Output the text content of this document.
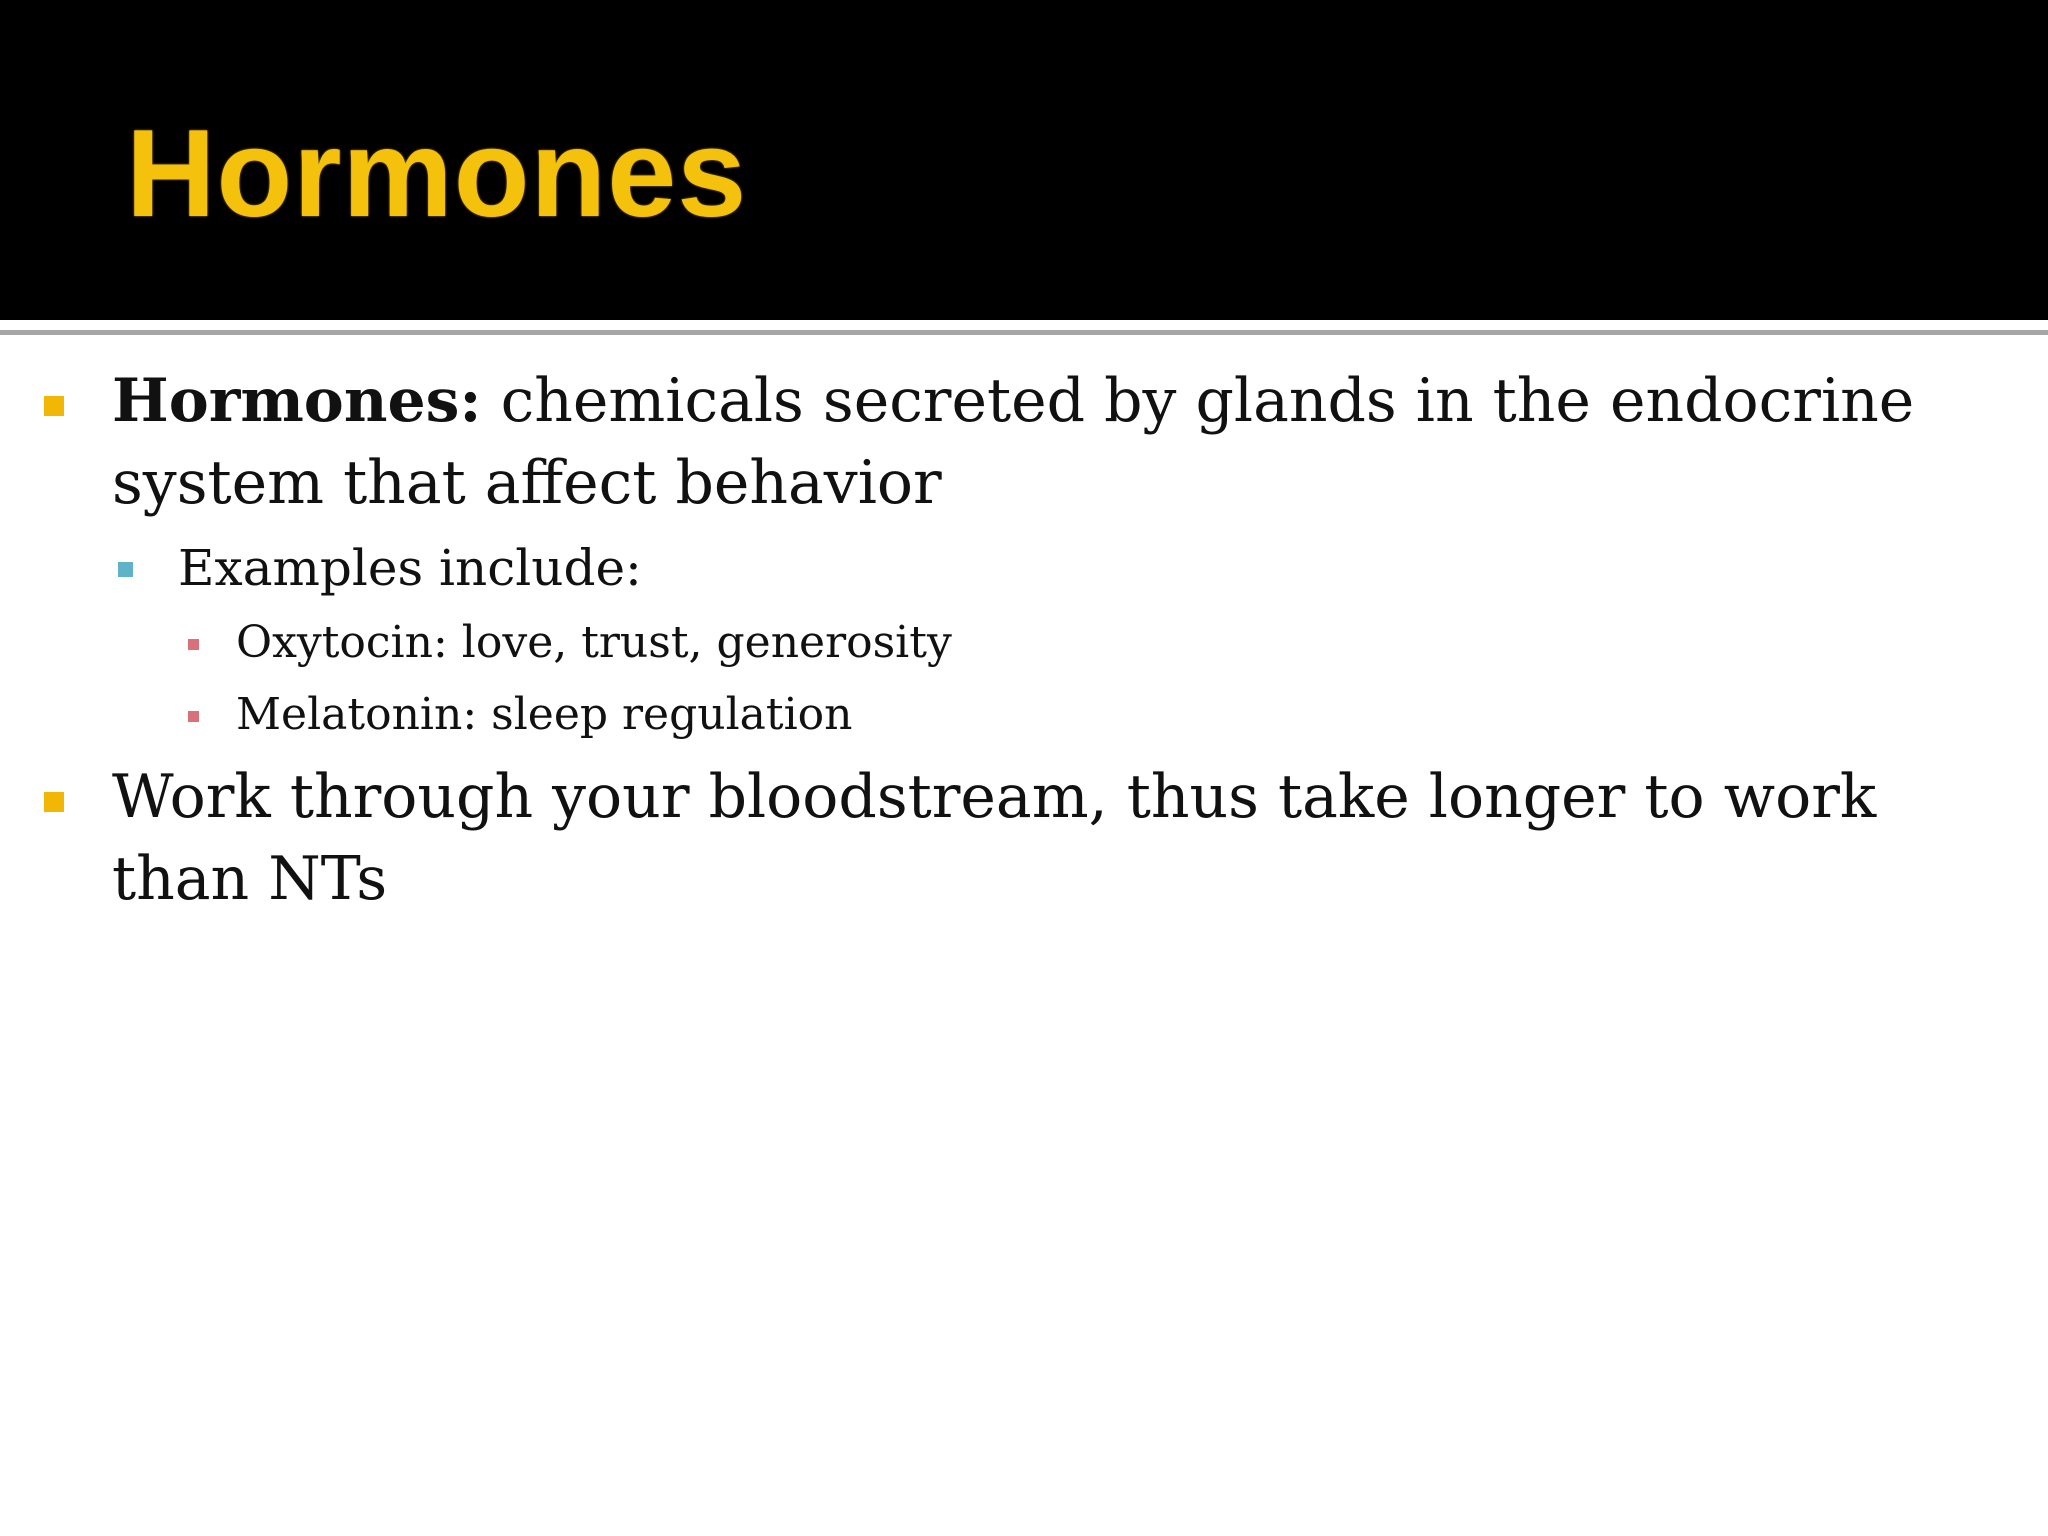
Hormones
Hormones: chemicals secreted by glands in the endocrine system that affect behavior
Examples include:
Oxytocin: love, trust, generosity
Melatonin: sleep regulation
Work through your bloodstream, thus take longer to work than NTs
